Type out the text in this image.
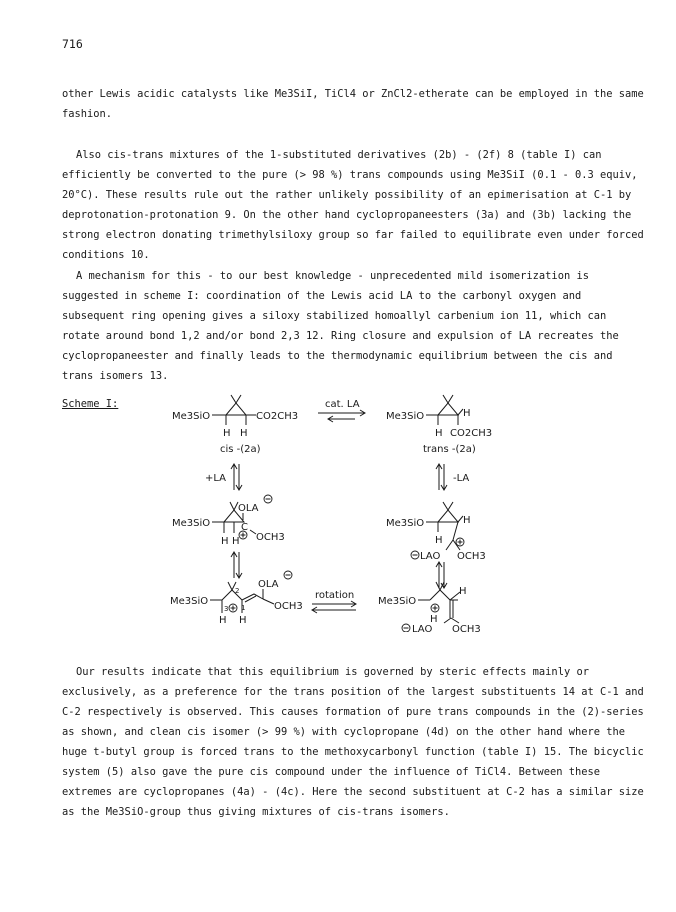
716
other Lewis acidic catalysts like Me3SiI, TiCl4 or ZnCl2-etherate can be employed in the same
fashion.
Also cis-trans mixtures of the 1-substituted derivatives (2b) - (2f) 8 (table I) can
efficiently be converted to the pure (> 98 %) trans compounds using Me3SiI (0.1 - 0.3 equiv,
20°C). These results rule out the rather unlikely possibility of an epimerisation at C-1 by
deprotonation-protonation 9. On the other hand cyclopropaneesters (3a) and (3b) lacking the
strong electron donating trimethylsiloxy group so far failed to equilibrate even under forced
conditions 10.
A mechanism for this - to our best knowledge - unprecedented mild isomerization is
suggested in scheme I: coordination of the Lewis acid LA to the carbonyl oxygen and
subsequent ring opening gives a siloxy stabilized homoallyl carbenium ion 11, which can
rotate around bond 1,2 and/or bond 2,3 12. Ring closure and expulsion of LA recreates the
cyclopropaneester and finally leads to the thermodynamic equilibrium between the cis and
trans isomers 13.
Scheme I:
Me3SiO	CO2CH3
H H
cis -(2a)
cat. LA
Me3SiO	H
H CO2CH3
trans -(2a)
+LA	-LA
OLA
Me3SiO	C
OCH3
H H
Me3SiO	H
H
LAO OCH3
OLA
Me3SiO
2
3 1	OCH3
H H
rotation
Me3SiO
H
H
LAO OCH3
Our results indicate that this equilibrium is governed by steric effects mainly or
exclusively, as a preference for the trans position of the largest substituents 14 at C-1 and
C-2 respectively is observed. This causes formation of pure trans compounds in the (2)-series
as shown, and clean cis isomer (> 99 %) with cyclopropane (4d) on the other hand where the
huge t-butyl group is forced trans to the methoxycarbonyl function (table I) 15. The bicyclic
system (5) also gave the pure cis compound under the influence of TiCl4. Between these
extremes are cyclopropanes (4a) - (4c). Here the second substituent at C-2 has a similar size
as the Me3SiO-group thus giving mixtures of cis-trans isomers.
